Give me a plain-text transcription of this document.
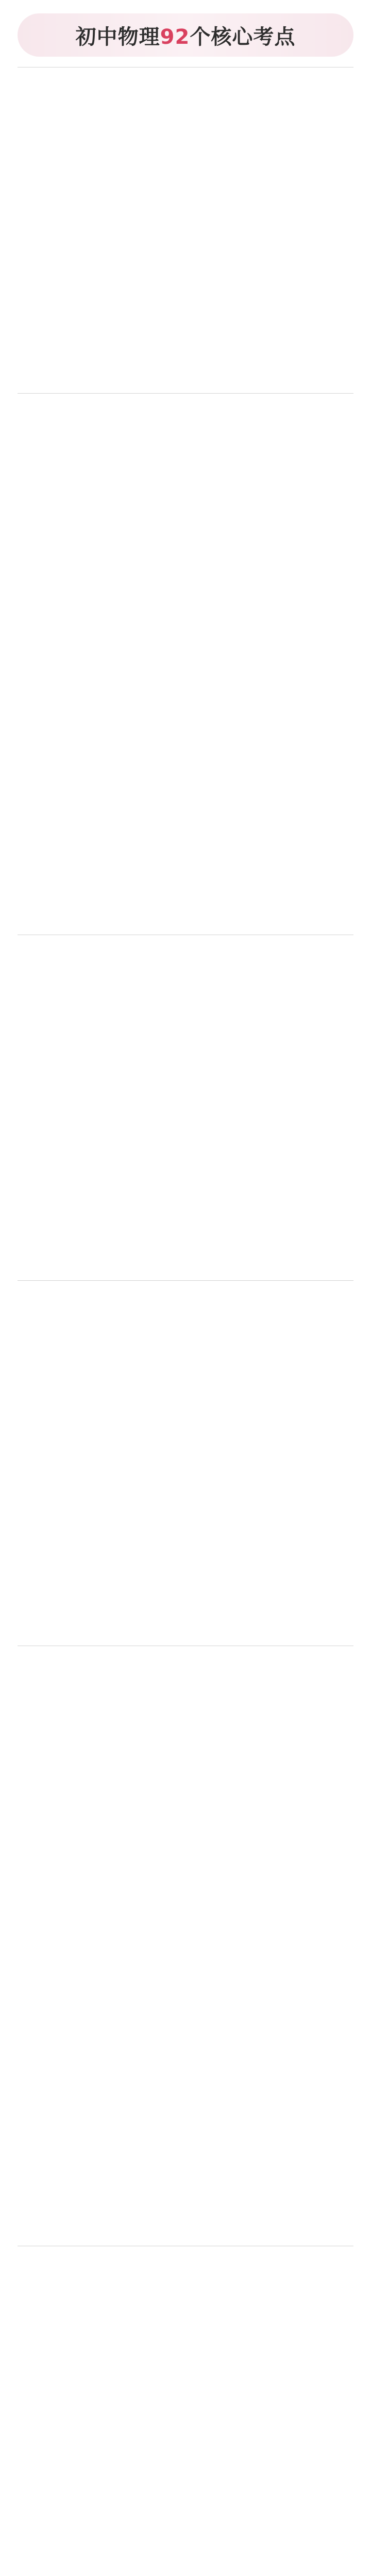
初中物理92个核心考点
